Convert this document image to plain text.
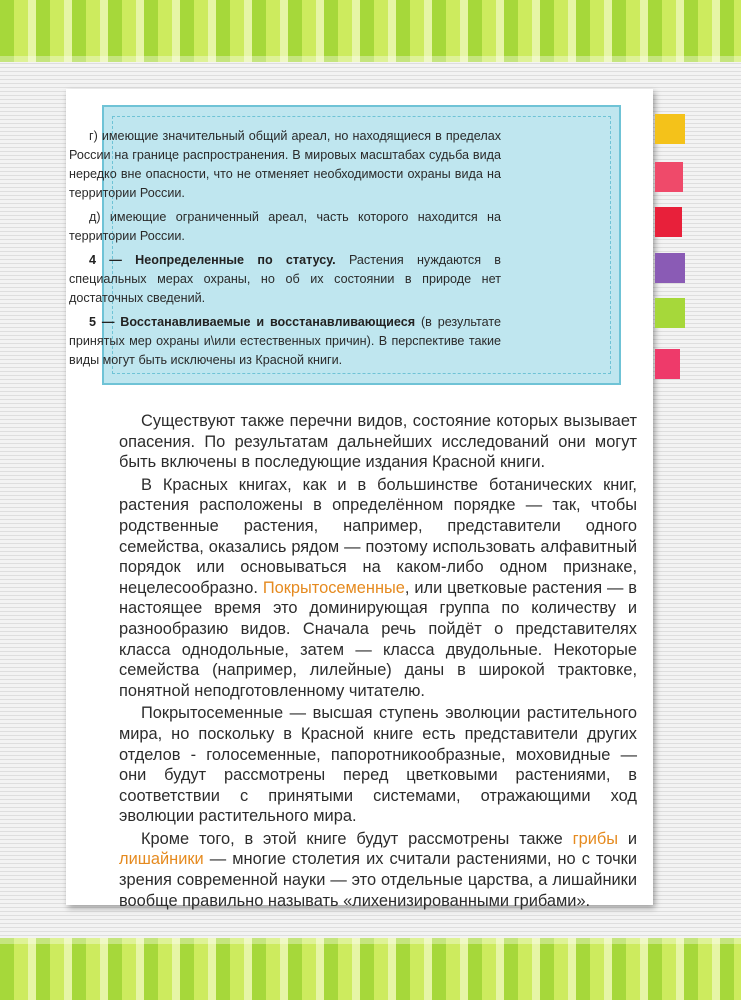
г) имеющие значительный общий ареал, но находящиеся в пределах России на границе распространения. В мировых масштабах судьба вида нередко вне опасности, что не отменяет необходимости охраны вида на территории России.

д) имеющие ограниченный ареал, часть которого находится на территории России.

4 — Неопределенные по статусу. Растения нуждаются в специальных мерах охраны, но об их состоянии в природе нет достаточных сведений.

5 — Восстанавливаемые и восстанавливающиеся (в результате принятых мер охраны и\или естественных причин). В перспективе такие виды могут быть исключены из Красной книги.

Существуют также перечни видов, состояние которых вызывает опасения. По результатам дальнейших исследований они могут быть включены в последующие издания Красной книги.

В Красных книгах, как и в большинстве ботанических книг, растения расположены в определённом порядке — так, чтобы родственные растения, например, представители одного семейства, оказались рядом — поэтому использовать алфавитный порядок или основываться на каком-либо одном признаке, нецелесообразно. Покрытосеменные, или цветковые растения — в настоящее время это доминирующая группа по количеству и разнообразию видов. Сначала речь пойдёт о представителях класса однодольные, затем — класса двудольные. Некоторые семейства (например, лилейные) даны в широкой трактовке, понятной неподготовленному читателю.

Покрытосеменные — высшая ступень эволюции растительного мира, но поскольку в Красной книге есть представители других отделов - голосеменные, папоротникообразные, моховидные — они будут рассмотрены перед цветковыми растениями, в соответствии с принятыми системами, отражающими ход эволюции растительного мира.

Кроме того, в этой книге будут рассмотрены также грибы и лишайники — многие столетия их считали растениями, но с точки зрения современной науки — это отдельные царства, а лишайники вообще правильно называть «лихенизированными грибами».
